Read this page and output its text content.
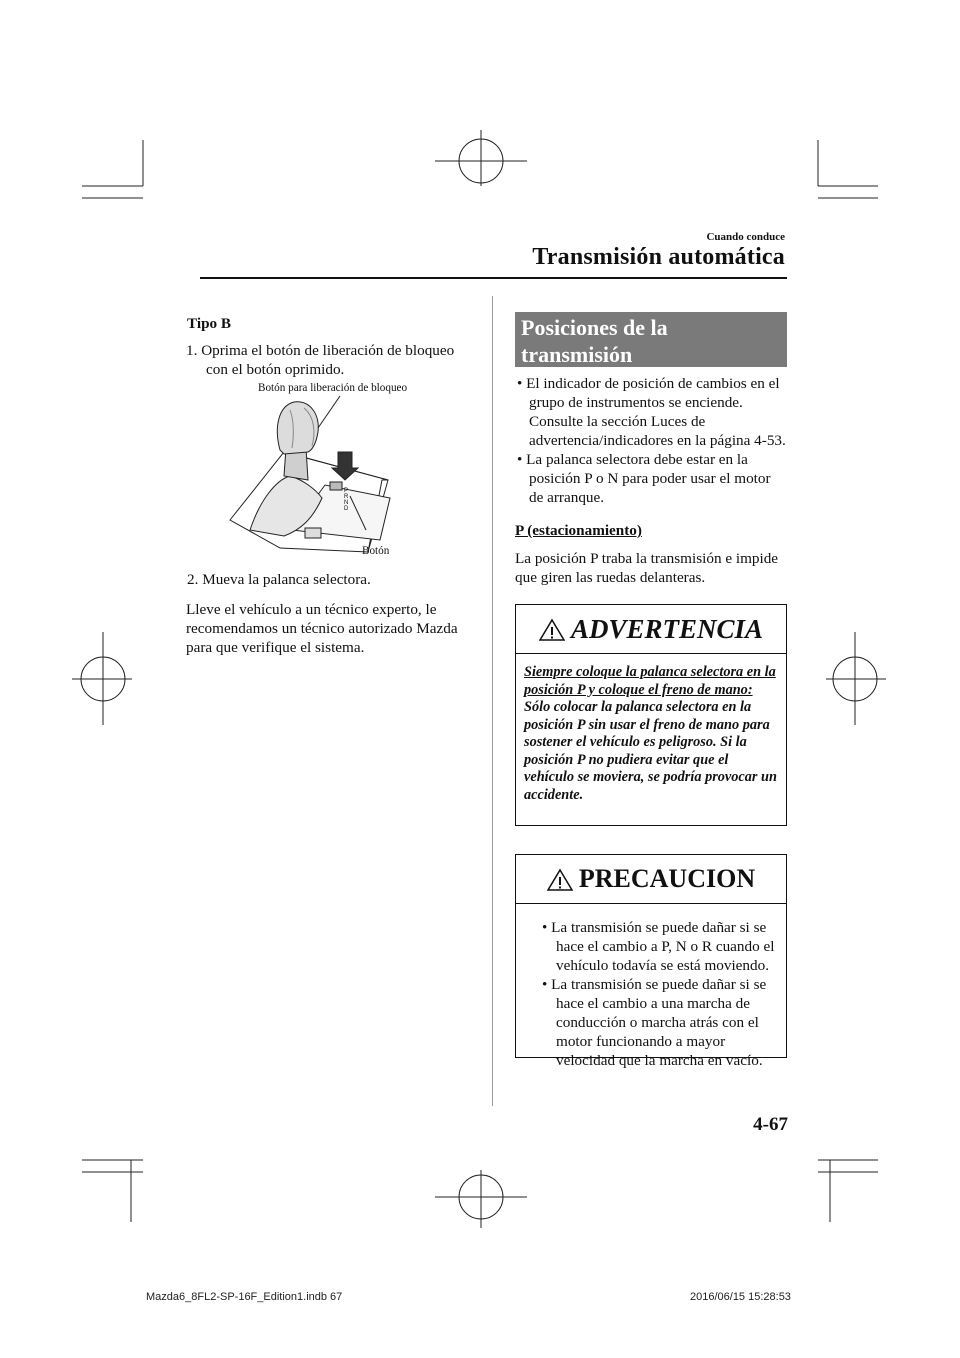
Cuando conduce
Transmisión automática

Tipo B

1. Oprima el botón de liberación de bloqueo con el botón oprimido.

Botón para liberación de bloqueo
P
R
N
D
Botón

2. Mueva la palanca selectora.

Lleve el vehículo a un técnico experto, le recomendamos un técnico autorizado Mazda para que verifique el sistema.

Posiciones de la transmisión

• El indicador de posición de cambios en el grupo de instrumentos se enciende. Consulte la sección Luces de advertencia/indicadores en la página 4-53.

• La palanca selectora debe estar en la posición P o N para poder usar el motor de arranque.

P (estacionamiento)

La posición P traba la transmisión e impide que giren las ruedas delanteras.

ADVERTENCIA
Siempre coloque la palanca selectora en la posición P y coloque el freno de mano:
Sólo colocar la palanca selectora en la posición P sin usar el freno de mano para sostener el vehículo es peligroso. Si la posición P no pudiera evitar que el vehículo se moviera, se podría provocar un accidente.
PRECAUCION

• La transmisión se puede dañar si se hace el cambio a P, N o R cuando el vehículo todavía se está moviendo.

• La transmisión se puede dañar si se hace el cambio a una marcha de conducción o marcha atrás con el motor funcionando a mayor velocidad que la marcha en vacío.

4-67
Mazda6_8FL2-SP-16F_Edition1.indb 67	2016/06/15 15:28:53
